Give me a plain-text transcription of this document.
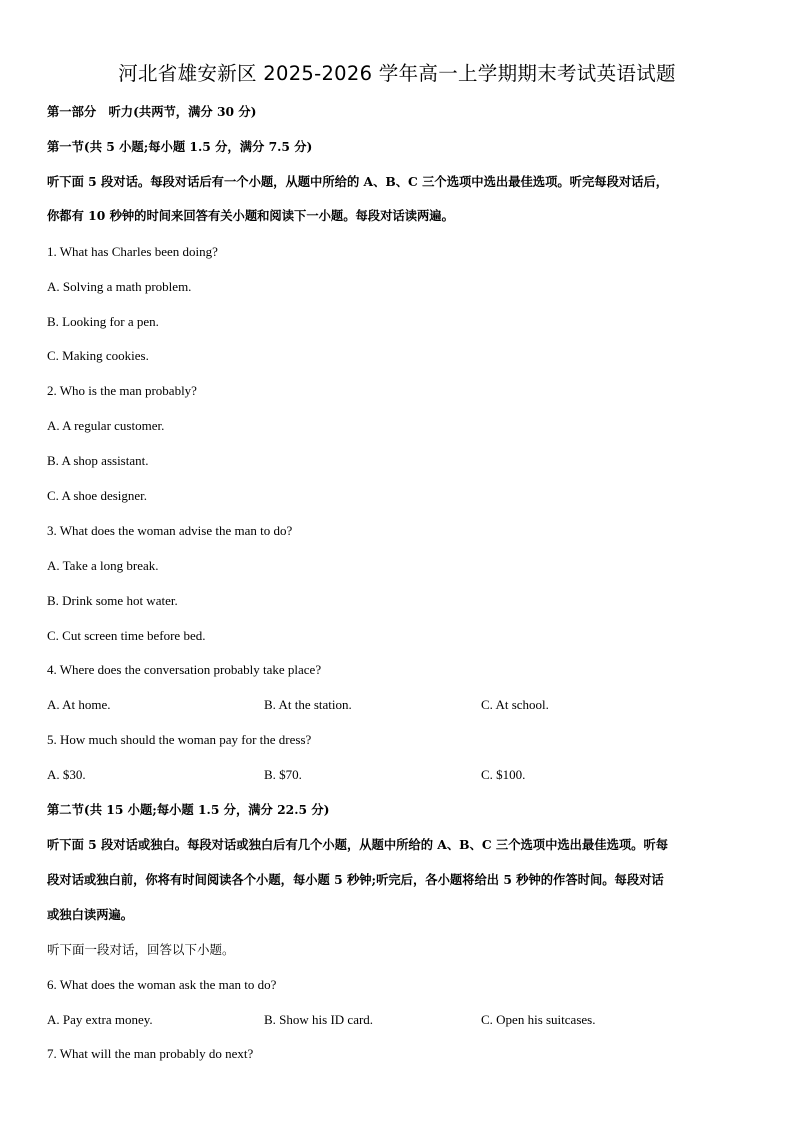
河北省雄安新区 2025-2026 学年高一上学期期末考试英语试题
第一部分　听力(共两节，满分 30 分)
第一节(共 5 小题;每小题 1.5 分，满分 7.5 分)
听下面 5 段对话。每段对话后有一个小题，从题中所给的 A、B、C 三个选项中选出最佳选项。听完每段对话后，
你都有 10 秒钟的时间来回答有关小题和阅读下一小题。每段对话读两遍。
1. What has Charles been doing?
A. Solving a math problem.
B. Looking for a pen.
C. Making cookies.
2. Who is the man probably?
A. A regular customer.
B. A shop assistant.
C. A shoe designer.
3. What does the woman advise the man to do?
A. Take a long break.
B. Drink some hot water.
C. Cut screen time before bed.
4. Where does the conversation probably take place?
A. At home.	B. At the station.	C. At school.
5. How much should the woman pay for the dress?
A. $30.	B. $70.	C. $100.
第二节(共 15 小题;每小题 1.5 分，满分 22.5 分)
听下面 5 段对话或独白。每段对话或独白后有几个小题，从题中所给的 A、B、C 三个选项中选出最佳选项。听每
段对话或独白前，你将有时间阅读各个小题，每小题 5 秒钟;听完后，各小题将给出 5 秒钟的作答时间。每段对话
或独白读两遍。
听下面一段对话，回答以下小题。
6. What does the woman ask the man to do?
A. Pay extra money.	B. Show his ID card.	C. Open his suitcases.
7. What will the man probably do next?
